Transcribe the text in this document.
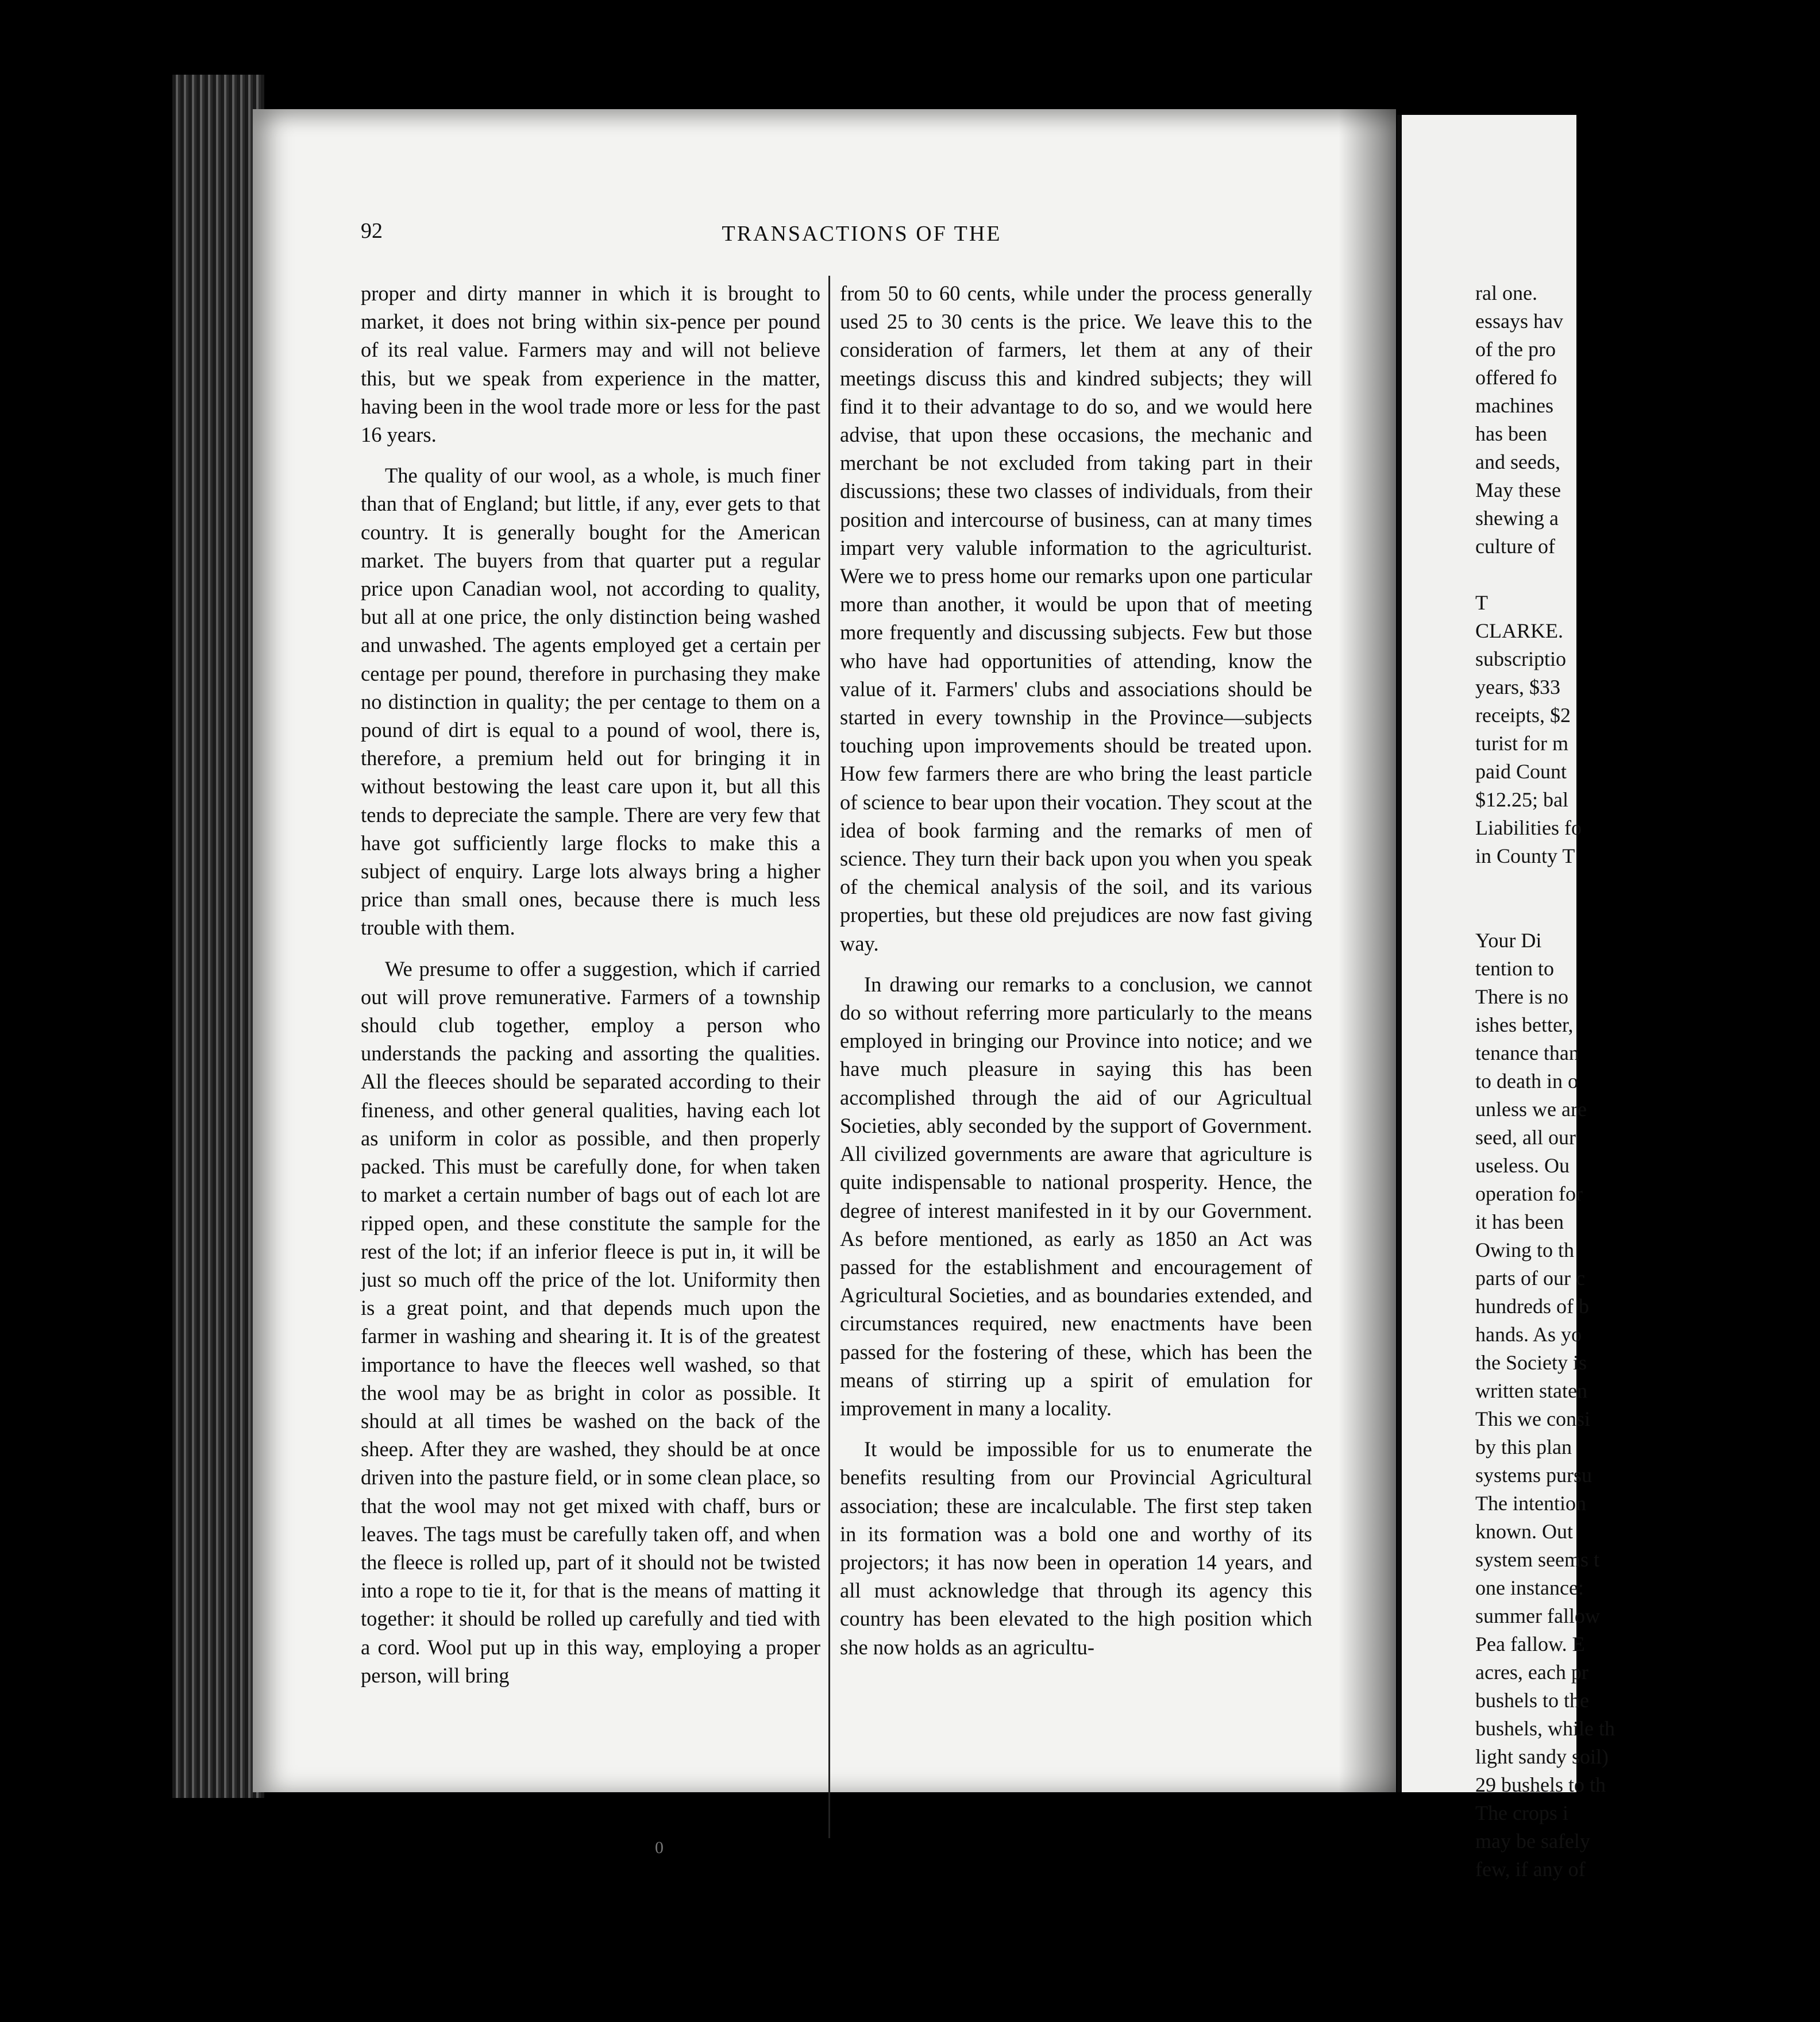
92	TRANSACTIONS OF THE

proper and dirty manner in which it is brought to market, it does not bring within six-pence per pound of its real value. Farmers may and will not believe this, but we speak from experience in the matter, having been in the wool trade more or less for the past 16 years.

The quality of our wool, as a whole, is much finer than that of England; but little, if any, ever gets to that country. It is generally bought for the American market. The buyers from that quarter put a regular price upon Canadian wool, not according to quality, but all at one price, the only distinction being washed and unwashed. The agents employed get a certain per centage per pound, therefore in purchasing they make no distinction in quality; the per centage to them on a pound of dirt is equal to a pound of wool, there is, therefore, a premium held out for bringing it in without bestowing the least care upon it, but all this tends to depreciate the sample. There are very few that have got sufficiently large flocks to make this a subject of enquiry. Large lots always bring a higher price than small ones, because there is much less trouble with them.

We presume to offer a suggestion, which if carried out will prove remunerative. Farmers of a township should club together, employ a person who understands the packing and assorting the qualities. All the fleeces should be separated according to their fineness, and other general qualities, having each lot as uniform in color as possible, and then properly packed. This must be carefully done, for when taken to market a certain number of bags out of each lot are ripped open, and these constitute the sample for the rest of the lot; if an inferior fleece is put in, it will be just so much off the price of the lot. Uniformity then is a great point, and that depends much upon the farmer in washing and shearing it. It is of the greatest importance to have the fleeces well washed, so that the wool may be as bright in color as possible. It should at all times be washed on the back of the sheep. After they are washed, they should be at once driven into the pasture field, or in some clean place, so that the wool may not get mixed with chaff, burs or leaves. The tags must be carefully taken off, and when the fleece is rolled up, part of it should not be twisted into a rope to tie it, for that is the means of matting it together: it should be rolled up carefully and tied with a cord. Wool put up in this way, employing a proper person, will bring

from 50 to 60 cents, while under the process generally used 25 to 30 cents is the price. We leave this to the consideration of farmers, let them at any of their meetings discuss this and kindred subjects; they will find it to their advantage to do so, and we would here advise, that upon these occasions, the mechanic and merchant be not excluded from taking part in their discussions; these two classes of individuals, from their position and intercourse of business, can at many times impart very valuble information to the agriculturist. Were we to press home our remarks upon one particular more than another, it would be upon that of meeting more frequently and discussing subjects. Few but those who have had opportunities of attending, know the value of it. Farmers' clubs and associations should be started in every township in the Province—subjects touching upon improvements should be treated upon. How few farmers there are who bring the least particle of science to bear upon their vocation. They scout at the idea of book farming and the remarks of men of science. They turn their back upon you when you speak of the chemical analysis of the soil, and its various properties, but these old prejudices are now fast giving way.

In drawing our remarks to a conclusion, we cannot do so without referring more particularly to the means employed in bringing our Province into notice; and we have much pleasure in saying this has been accomplished through the aid of our Agricultual Societies, ably seconded by the support of Government. All civilized governments are aware that agriculture is quite indispensable to national prosperity. Hence, the degree of interest manifested in it by our Government. As before mentioned, as early as 1850 an Act was passed for the establishment and encouragement of Agricultural Societies, and as boundaries extended, and circumstances required, new enactments have been passed for the fostering of these, which has been the means of stirring up a spirit of emulation for improvement in many a locality.

It would be impossible for us to enumerate the benefits resulting from our Provincial Agricultural association; these are incalculable. The first step taken in its formation was a bold one and worthy of its projectors; it has now been in operation 14 years, and all must acknowledge that through its agency this country has been elevated to the high position which she now holds as an agricultu-

ral one.
essays hav
of the pro
offered fo
machines
has been
and seeds,
May these
shewing a
culture of

T
CLARKE.
subscriptio
years, $33
receipts, $2
turist for m
paid Count
$12.25; bal
Liabilities fo
in County T

Your Di
tention to
There is no
ishes better,
tenance than
to death in o
unless we are
seed, all our
useless. Ou
operation for
it has been
Owing to th
parts of our c
hundreds of b
hands. As yo
the Society is
written staten
This we consi
by this plan
systems pursu
The intention
known. Out
system seems t
one instance:
summer fallow
Pea fallow. E
acres, each pr
bushels to the
bushels, while th
light sandy soil)
29 bushels to th
The crops i
may be safely
few, if any of
0
